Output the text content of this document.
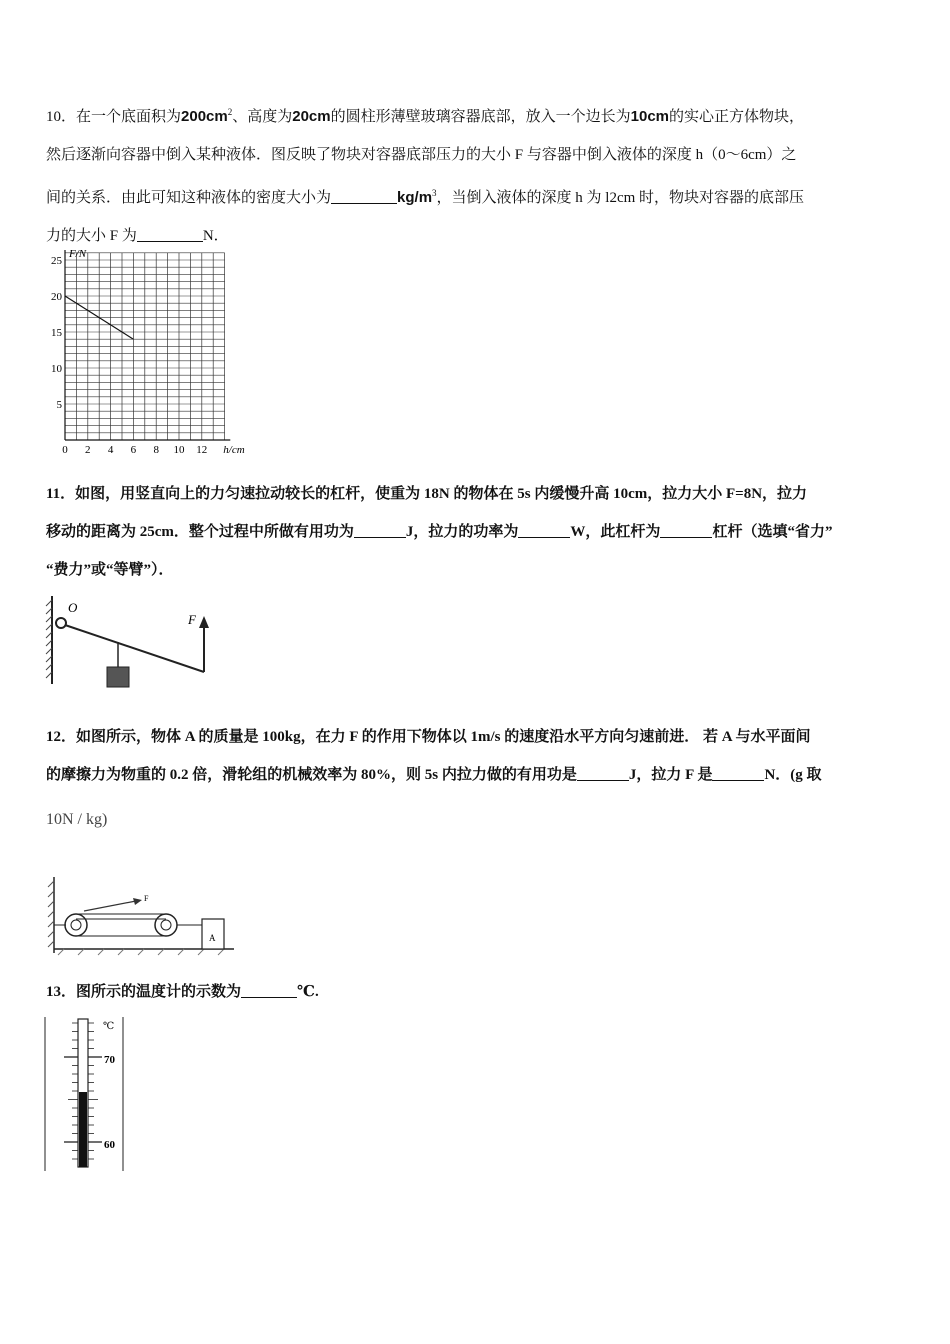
10．在一个底面积为$200cm^2$、高度为20cm的圆柱形薄壁玻璃容器底部，放入一个边长为10cm的实心正方体物块，

然后逐渐向容器中倒入某种液体．图反映了物块对容器底部压力的大小 F 与容器中倒入液体的深度 h（0～6cm）之

间的关系．由此可知这种液体的密度大小为	$kg/m^3$，当倒入液体的深度 h 为 l2cm 时，物块对容器的底部压

力的大小 F 为	N．

h/cm
F/N
0 2 4 6 8 10 12
5
10
15
20
25

11．如图，用竖直向上的力匀速拉动较长的杠杆，使重为 18N 的物体在 5s 内缓慢升高 10cm，拉力大小 F=8N，拉力

移动的距离为 25cm．整个过程中所做有用功为	J，拉力的功率为	W，此杠杆为	杠杆（选填“省力”

“费力”或“等臂”）．

O
F

12．如图所示，物体 A 的质量是 100kg，在力 F 的作用下物体以 1m/s 的速度沿水平方向匀速前进． 若 A 与水平面间

的摩擦力为物重的 0.2 倍，滑轮组的机械效率为 80%，则 5s 内拉力做的有用功是	J，拉力 F 是	N．(g 取

10N / kg)
F
A

13．图所示的温度计的示数为	℃.

℃
70
60
